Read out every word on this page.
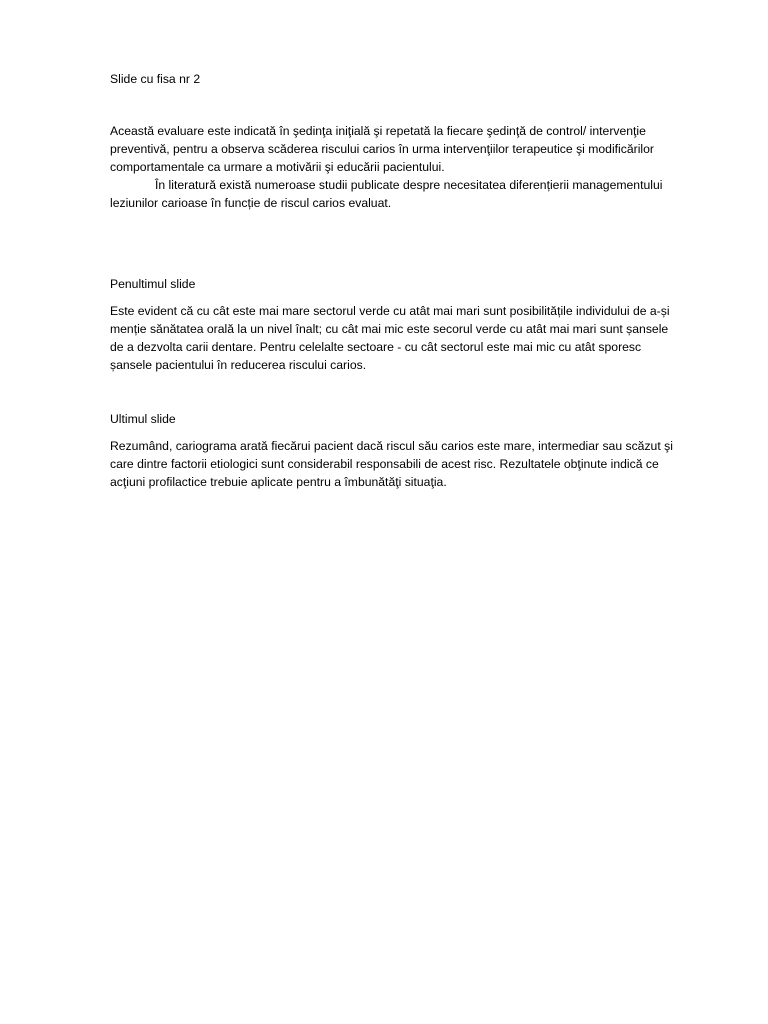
Slide cu fisa nr 2
Această evaluare este indicată în şedinţa iniţială şi repetată la fiecare şedinţă de control/ intervenţie
preventivă, pentru a observa scăderea riscului carios în urma intervenţiilor terapeutice şi modificărilor
comportamentale ca urmare a motivării şi educării pacientului.
În literatură există numeroase studii publicate despre necesitatea diferențierii managementului
leziunilor carioase în funcție de riscul carios evaluat.
Penultimul slide
Este evident că cu cât este mai mare sectorul verde cu atât mai mari sunt posibilitățile individului de a-și
menție sănătatea orală la un nivel înalt; cu cât mai mic este secorul verde cu atât mai mari sunt șansele
de a dezvolta carii dentare. Pentru celelalte sectoare - cu cât sectorul este mai mic cu atât sporesc
șansele pacientului în reducerea riscului carios.
Ultimul slide
Rezumând, cariograma arată fiecărui pacient dacă riscul său carios este mare, intermediar sau scăzut şi
care dintre factorii etiologici sunt considerabil responsabili de acest risc. Rezultatele obţinute indică ce
acţiuni profilactice trebuie aplicate pentru a îmbunătăţi situaţia.
